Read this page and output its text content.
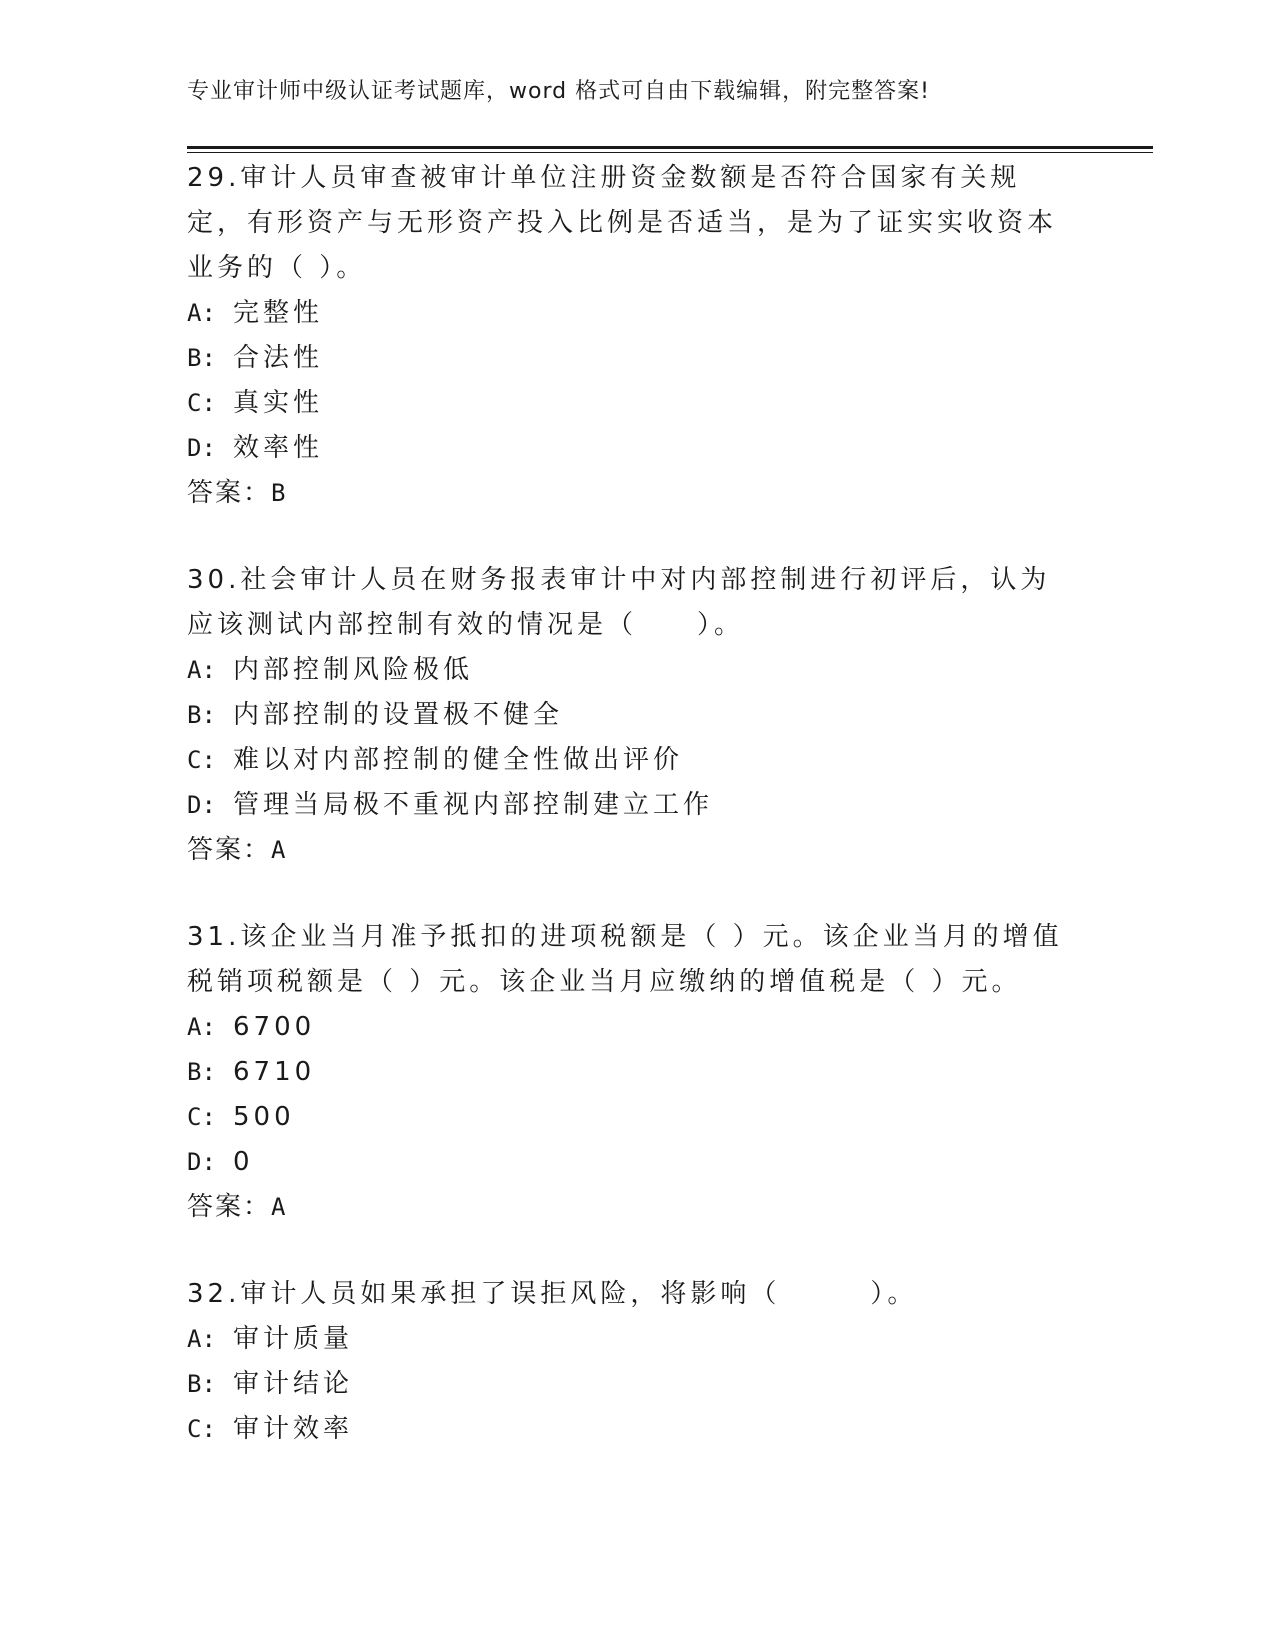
专业审计师中级认证考试题库，word 格式可自由下载编辑，附完整答案!

29.审计人员审查被审计单位注册资金数额是否符合国家有关规定，有形资产与无形资产投入比例是否适当，是为了证实实收资本业务的（ ）。

A: 完整性
B: 合法性
C: 真实性
D: 效率性
答案：B

30.社会审计人员在财务报表审计中对内部控制进行初评后，认为应该测试内部控制有效的情况是（　　）。

A: 内部控制风险极低
B: 内部控制的设置极不健全
C: 难以对内部控制的健全性做出评价
D: 管理当局极不重视内部控制建立工作
答案：A

31.该企业当月准予抵扣的进项税额是（ ）元。该企业当月的增值税销项税额是（ ）元。该企业当月应缴纳的增值税是（ ）元。

A: 6700
B: 6710
C: 500
D: 0
答案：A

32.审计人员如果承担了误拒风险，将影响（　　　）。

A: 审计质量
B: 审计结论
C: 审计效率
